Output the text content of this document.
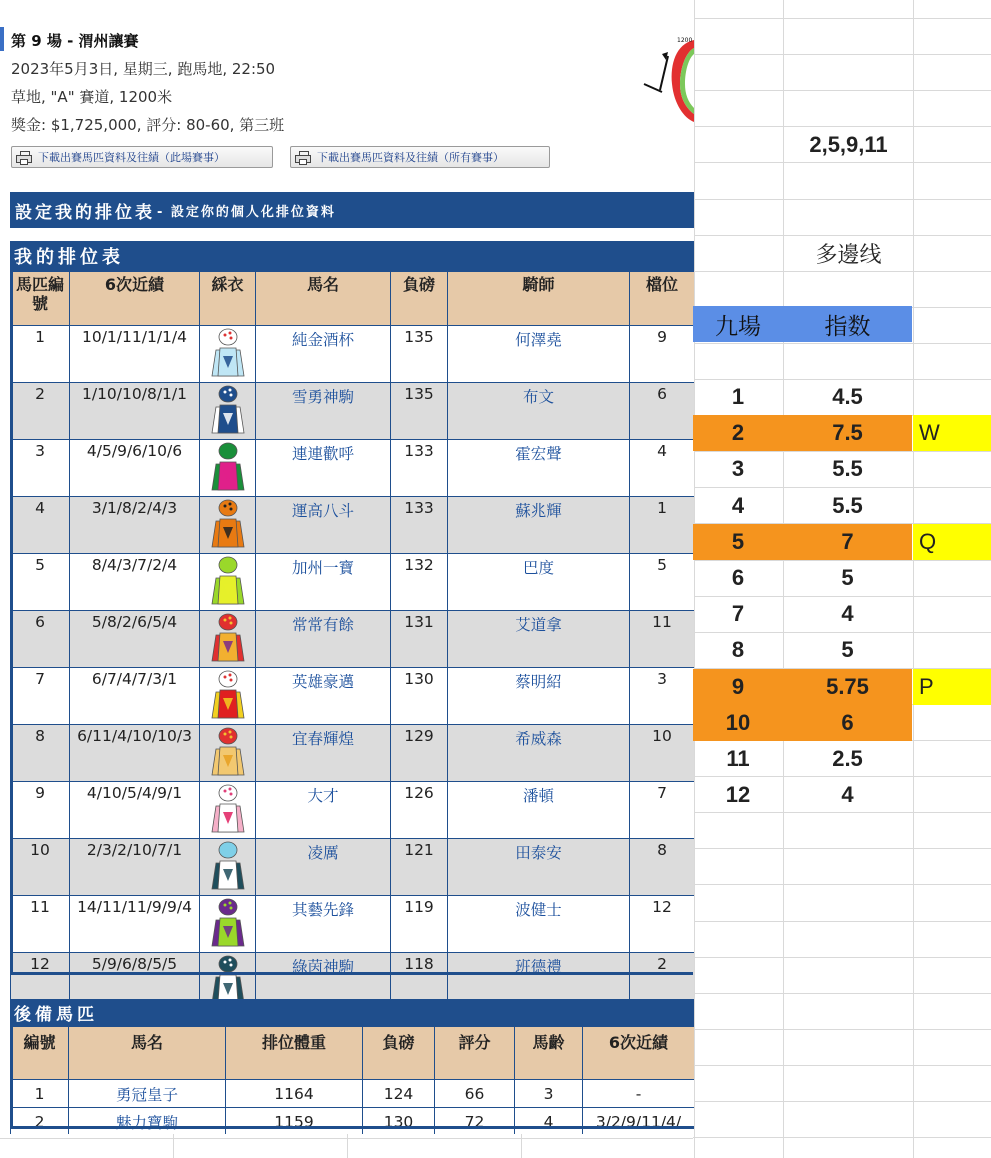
第 9 場 - 渭州讓賽
2023年5月3日, 星期三, 跑馬地, 22:50
草地, "A" 賽道, 1200米
獎金: $1,725,000, 評分: 80-60, 第三班
下載出賽馬匹資料及往績（此場賽事）	下載出賽馬匹資料及往績（所有賽事）
1200
設定我的排位表 - 設定你的個人化排位資料
我的排位表
馬匹編號	6次近績	綵衣	馬名	負磅	騎師	檔位
1	10/1/11/1/1/4		純金酒杯	135	何澤堯	9
2	1/10/10/8/1/1		雪勇神駒	135	布文	6
3	4/5/9/6/10/6		連連歡呼	133	霍宏聲	4
4	3/1/8/2/4/3		運高八斗	133	蘇兆輝	1
5	8/4/3/7/2/4		加州一寶	132	巴度	5
6	5/8/2/6/5/4		常常有餘	131	艾道拿	11
7	6/7/4/7/3/1		英雄豪邁	130	蔡明紹	3
8	6/11/4/10/10/3		宜春輝煌	129	希威森	10
9	4/10/5/4/9/1		大才	126	潘頓	7
10	2/3/2/10/7/1		凌厲	121	田泰安	8
11	14/11/11/9/9/4		其藝先鋒	119	波健士	12
12	5/9/6/8/5/5		綠茵神駒	118	班德禮	2
後備馬匹
編號	馬名	排位體重	負磅	評分	馬齡	6次近績
1	勇冠皇子	1164	124	66	3	-
2	魅力寶駒	1159	130	72	4	3/2/9/11/4/
2,5,9,11
多邊线
九場	指数
1	4.5
2	7.5	W
3	5.5
4	5.5
5	7	Q
6	5
7	4
8	5
9	5.75	P
10	6
11	2.5
12	4
